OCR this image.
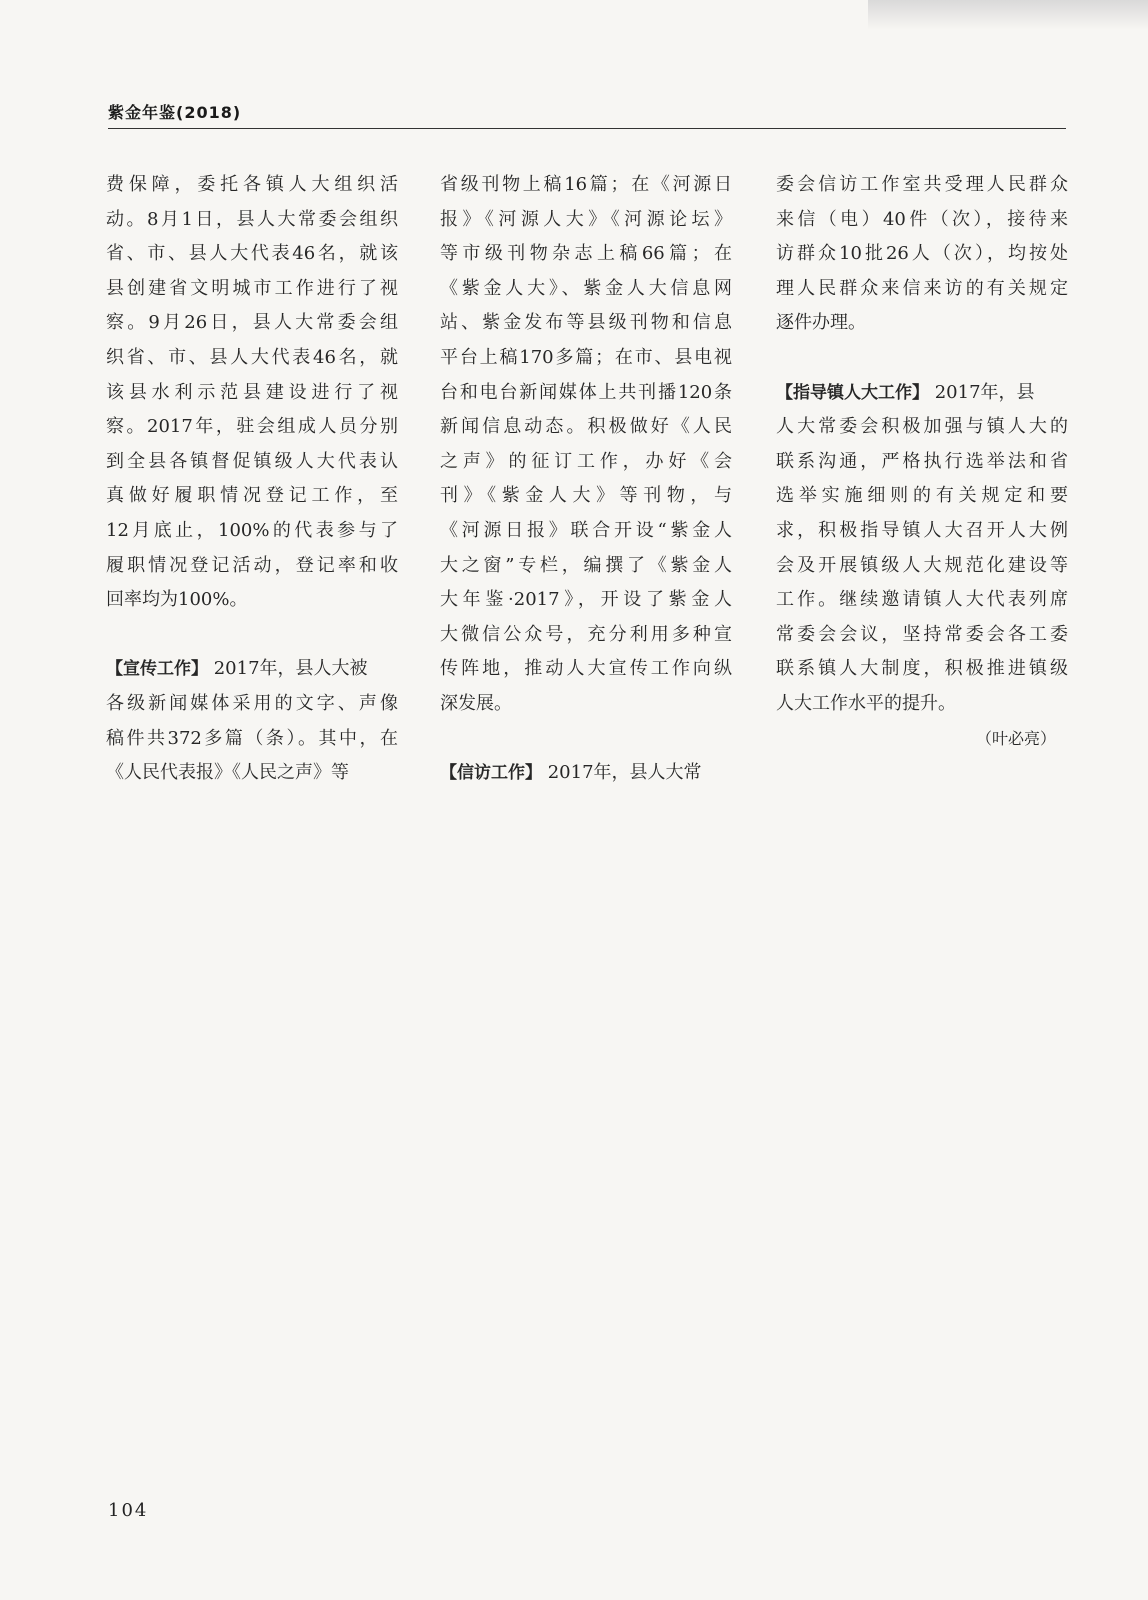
紫金年鉴(2018)
费保障，委托各镇人大组织活
动。8月1日，县人大常委会组织
省、市、县人大代表46名，就该
县创建省文明城市工作进行了视
察。9月26日，县人大常委会组
织省、市、县人大代表46名，就
该县水利示范县建设进行了视
察。2017年，驻会组成人员分别
到全县各镇督促镇级人大代表认
真做好履职情况登记工作，至
12月底止，100%的代表参与了
履职情况登记活动，登记率和收
回率均为100%。
【宣传工作】 2017年，县人大被
各级新闻媒体采用的文字、声像
稿件共372多篇（条）。其中，在
《人民代表报》《人民之声》等
省级刊物上稿16篇；在《河源日
报》《河源人大》《河源论坛》
等市级刊物杂志上稿66篇；在
《紫金人大》、紫金人大信息网
站、紫金发布等县级刊物和信息
平台上稿170多篇；在市、县电视
台和电台新闻媒体上共刊播120条
新闻信息动态。积极做好《人民
之声》的征订工作，办好《会
刊》《紫金人大》等刊物，与
《河源日报》联合开设“紫金人
大之窗”专栏，编撰了《紫金人
大年鉴·2017》，开设了紫金人
大微信公众号，充分利用多种宣
传阵地，推动人大宣传工作向纵
深发展。
【信访工作】 2017年，县人大常
委会信访工作室共受理人民群众
来信（电）40件（次），接待来
访群众10批26人（次），均按处
理人民群众来信来访的有关规定
逐件办理。
【指导镇人大工作】 2017年，县
人大常委会积极加强与镇人大的
联系沟通，严格执行选举法和省
选举实施细则的有关规定和要
求，积极指导镇人大召开人大例
会及开展镇级人大规范化建设等
工作。继续邀请镇人大代表列席
常委会会议，坚持常委会各工委
联系镇人大制度，积极推进镇级
人大工作水平的提升。
（叶必亮）
104
